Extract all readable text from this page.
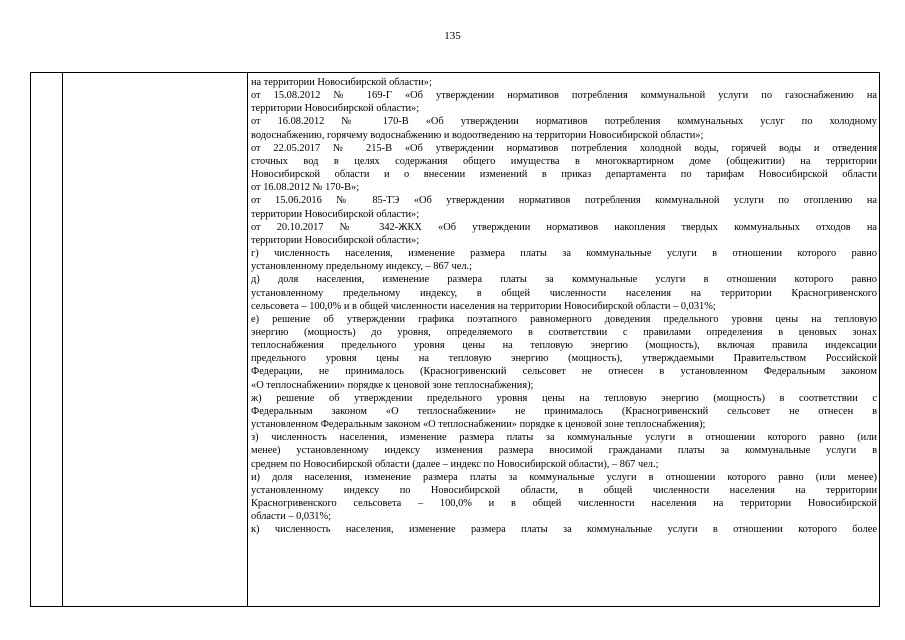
135
на территории Новосибирской области»;
от 15.08.2012 № 169-Г «Об утверждении нормативов потребления коммунальной услуги по газоснабжению на
территории Новосибирской области»;
от 16.08.2012 № 170-В «Об утверждении нормативов потребления коммунальных услуг по холодному
водоснабжению, горячему водоснабжению и водоотведению на территории Новосибирской области»;
от 22.05.2017 № 215-В «Об утверждении нормативов потребления холодной воды, горячей воды и отведения
сточных вод в целях содержания общего имущества в многоквартирном доме (общежитии) на территории
Новосибирской области и о внесении изменений в приказ департамента по тарифам Новосибирской области
от 16.08.2012 № 170-В»;
от 15.06.2016 № 85-ТЭ «Об утверждении нормативов потребления коммунальной услуги по отоплению на
территории Новосибирской области»;
от 20.10.2017 № 342-ЖКХ «Об утверждении нормативов накопления твердых коммунальных отходов на
территории Новосибирской области»;
г) численность населения, изменение размера платы за коммунальные услуги в отношении которого равно
установленному предельному индексу, – 867 чел.;
д) доля населения, изменение размера платы за коммунальные услуги в отношении которого равно
установленному предельному индексу, в общей численности населения на территории Красногривенского
сельсовета – 100,0% и в общей численности населения на территории Новосибирской области – 0,031%;
е) решение об утверждении графика поэтапного равномерного доведения предельного уровня цены на тепловую
энергию (мощность) до уровня, определяемого в соответствии с правилами определения в ценовых зонах
теплоснабжения предельного уровня цены на тепловую энергию (мощность), включая правила индексации
предельного уровня цены на тепловую энергию (мощность), утверждаемыми Правительством Российской
Федерации, не принималось (Красногривенский сельсовет не отнесен в установленном Федеральным законом
«О теплоснабжении» порядке к ценовой зоне теплоснабжения);
ж) решение об утверждении предельного уровня цены на тепловую энергию (мощность) в соответствии с
Федеральным законом «О теплоснабжении» не принималось (Красногривенский сельсовет не отнесен в
установленном Федеральным законом «О теплоснабжении» порядке к ценовой зоне теплоснабжения);
з) численность населения, изменение размера платы за коммунальные услуги в отношении которого равно (или
менее) установленному индексу изменения размера вносимой гражданами платы за коммунальные услуги в
среднем по Новосибирской области (далее – индекс по Новосибирской области), – 867 чел.;
и) доля населения, изменение размера платы за коммунальные услуги в отношении которого равно (или менее)
установленному индексу по Новосибирской области, в общей численности населения на территории
Красногривенского сельсовета – 100,0% и в общей численности населения на территории Новосибирской
области – 0,031%;
к) численность населения, изменение размера платы за коммунальные услуги в отношении которого более
